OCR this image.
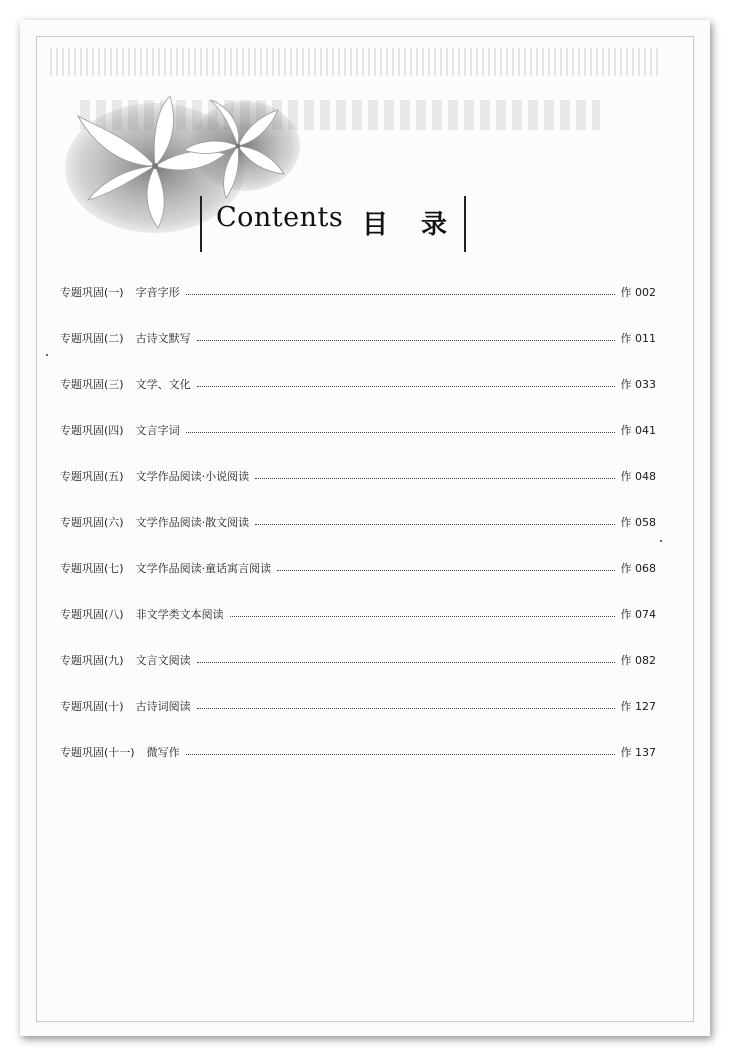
Contents 目 录
专题巩固(一) 字音字形	作 002
专题巩固(二) 古诗文默写	作 011
专题巩固(三) 文学、文化	作 033
专题巩固(四) 文言字词	作 041
专题巩固(五) 文学作品阅读·小说阅读	作 048
专题巩固(六) 文学作品阅读·散文阅读	作 058
专题巩固(七) 文学作品阅读·童话寓言阅读	作 068
专题巩固(八) 非文学类文本阅读	作 074
专题巩固(九) 文言文阅读	作 082
专题巩固(十) 古诗词阅读	作 127
专题巩固(十一) 微写作	作 137
